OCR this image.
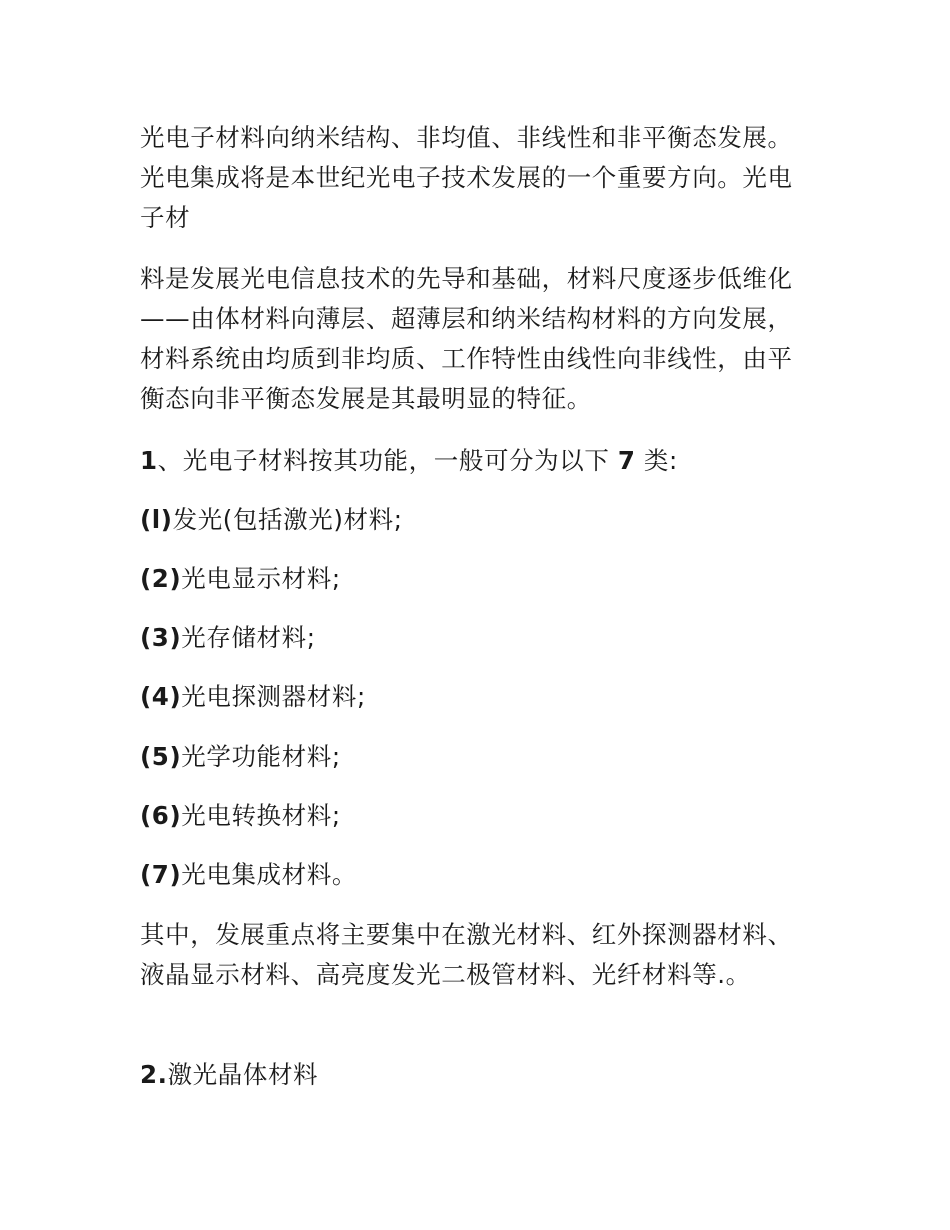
光电子材料向纳米结构、非均值、非线性和非平衡态发展。光电集成将是本世纪光电子技术发展的一个重要方向。光电子材

料是发展光电信息技术的先导和基础，材料尺度逐步低维化——由体材料向薄层、超薄层和纳米结构材料的方向发展，材料系统由均质到非均质、工作特性由线性向非线性，由平衡态向非平衡态发展是其最明显的特征。

1、光电子材料按其功能，一般可分为以下 7 类:
(l)发光(包括激光)材料;
(2)光电显示材料;
(3)光存储材料;
(4)光电探测器材料;
(5)光学功能材料;
(6)光电转换材料;
(7)光电集成材料。

其中，发展重点将主要集中在激光材料、红外探测器材料、液晶显示材料、高亮度发光二极管材料、光纤材料等.。

2.激光晶体材料
